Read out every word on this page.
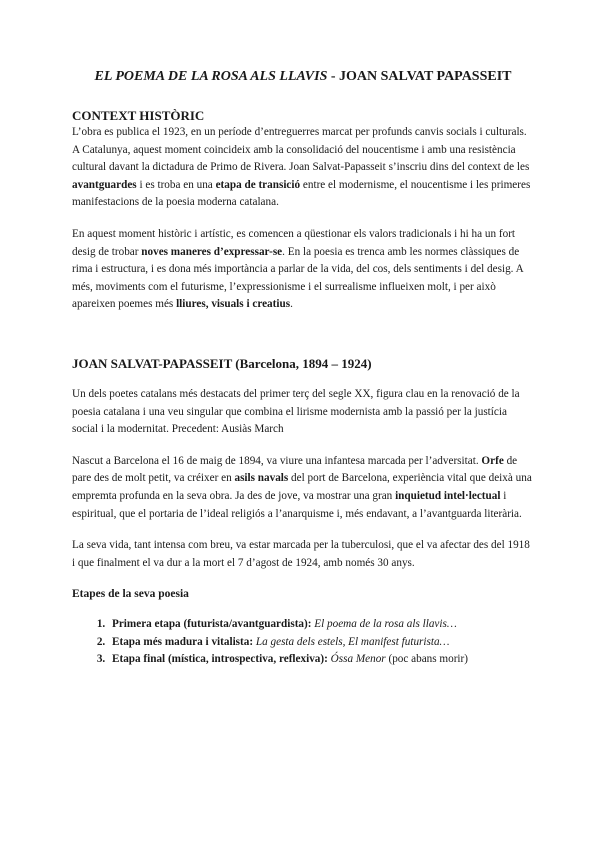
EL POEMA DE LA ROSA ALS LLAVIS - JOAN SALVAT PAPASSEIT
CONTEXT HISTÒRIC

L’obra es publica el 1923, en un període d’entreguerres marcat per profunds canvis socials i culturals. A Catalunya, aquest moment coincideix amb la consolidació del noucentisme i amb una resistència cultural davant la dictadura de Primo de Rivera. Joan Salvat-Papasseit s’inscriu dins del context de les avantguardes i es troba en una etapa de transició entre el modernisme, el noucentisme i les primeres manifestacions de la poesia moderna catalana.

En aquest moment històric i artístic, es comencen a qüestionar els valors tradicionals i hi ha un fort desig de trobar noves maneres d’expressar-se. En la poesia es trenca amb les normes clàssiques de rima i estructura, i es dona més importància a parlar de la vida, del cos, dels sentiments i del desig. A més, moviments com el futurisme, l’expressionisme i el surrealisme influeixen molt, i per això apareixen poemes més lliures, visuals i creatius.

JOAN SALVAT-PAPASSEIT (Barcelona, 1894 – 1924)

Un dels poetes catalans més destacats del primer terç del segle XX, figura clau en la renovació de la poesia catalana i una veu singular que combina el lirisme modernista amb la passió per la justícia social i la modernitat. Precedent: Ausiàs March

Nascut a Barcelona el 16 de maig de 1894, va viure una infantesa marcada per l’adversitat. Orfe de pare des de molt petit, va créixer en asils navals del port de Barcelona, experiència vital que deixà una empremta profunda en la seva obra. Ja des de jove, va mostrar una gran inquietud intel·lectual i espiritual, que el portaria de l’ideal religiós a l’anarquisme i, més endavant, a l’avantguarda literària.

La seva vida, tant intensa com breu, va estar marcada per la tuberculosi, que el va afectar des del 1918 i que finalment el va dur a la mort el 7 d’agost de 1924, amb només 30 anys.

Etapes de la seva poesia
1. Primera etapa (futurista/avantguardista): El poema de la rosa als llavis…
2. Etapa més madura i vitalista: La gesta dels estels, El manifest futurista…
3. Etapa final (mística, introspectiva, reflexiva): Óssa Menor (poc abans morir)
